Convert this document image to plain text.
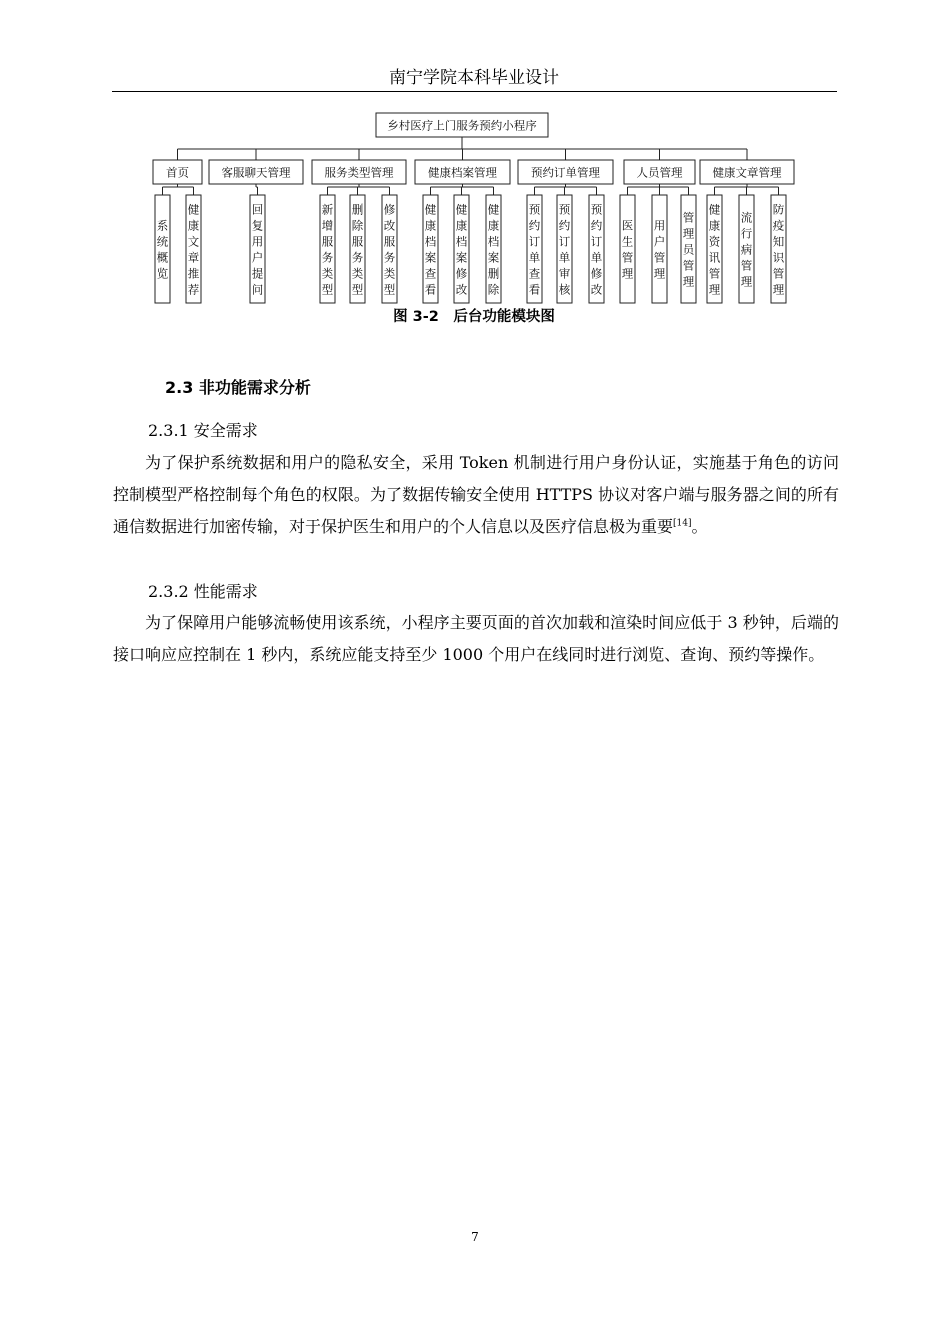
南宁学院本科毕业设计
乡村医疗上门服务预约小程序
首页
系统概览
健康文章推荐
客服聊天管理
回复用户提问
服务类型管理
新增服务类型
删除服务类型
修改服务类型
健康档案管理
健康档案查看
健康档案修改
健康档案删除
预约订单管理
预约订单查看
预约订单审核
预约订单修改
人员管理
医生管理
用户管理
管理员管理
健康文章管理
健康资讯管理
流行病管理
防疫知识管理
图 3-2　后台功能模块图
2.3 非功能需求分析
2.3.1 安全需求
为了保护系统数据和用户的隐私安全，采用 Token 机制进行用户身份认证，实施基于角色的访问控制模型严格控制每个角色的权限。为了数据传输安全使用 HTTPS 协议对客户端与服务器之间的所有通信数据进行加密传输，对于保护医生和用户的个人信息以及医疗信息极为重要[14]。
2.3.2 性能需求
为了保障用户能够流畅使用该系统，小程序主要页面的首次加载和渲染时间应低于 3 秒钟，后端的接口响应应控制在 1 秒内，系统应能支持至少 1000 个用户在线同时进行浏览、查询、预约等操作。
7
